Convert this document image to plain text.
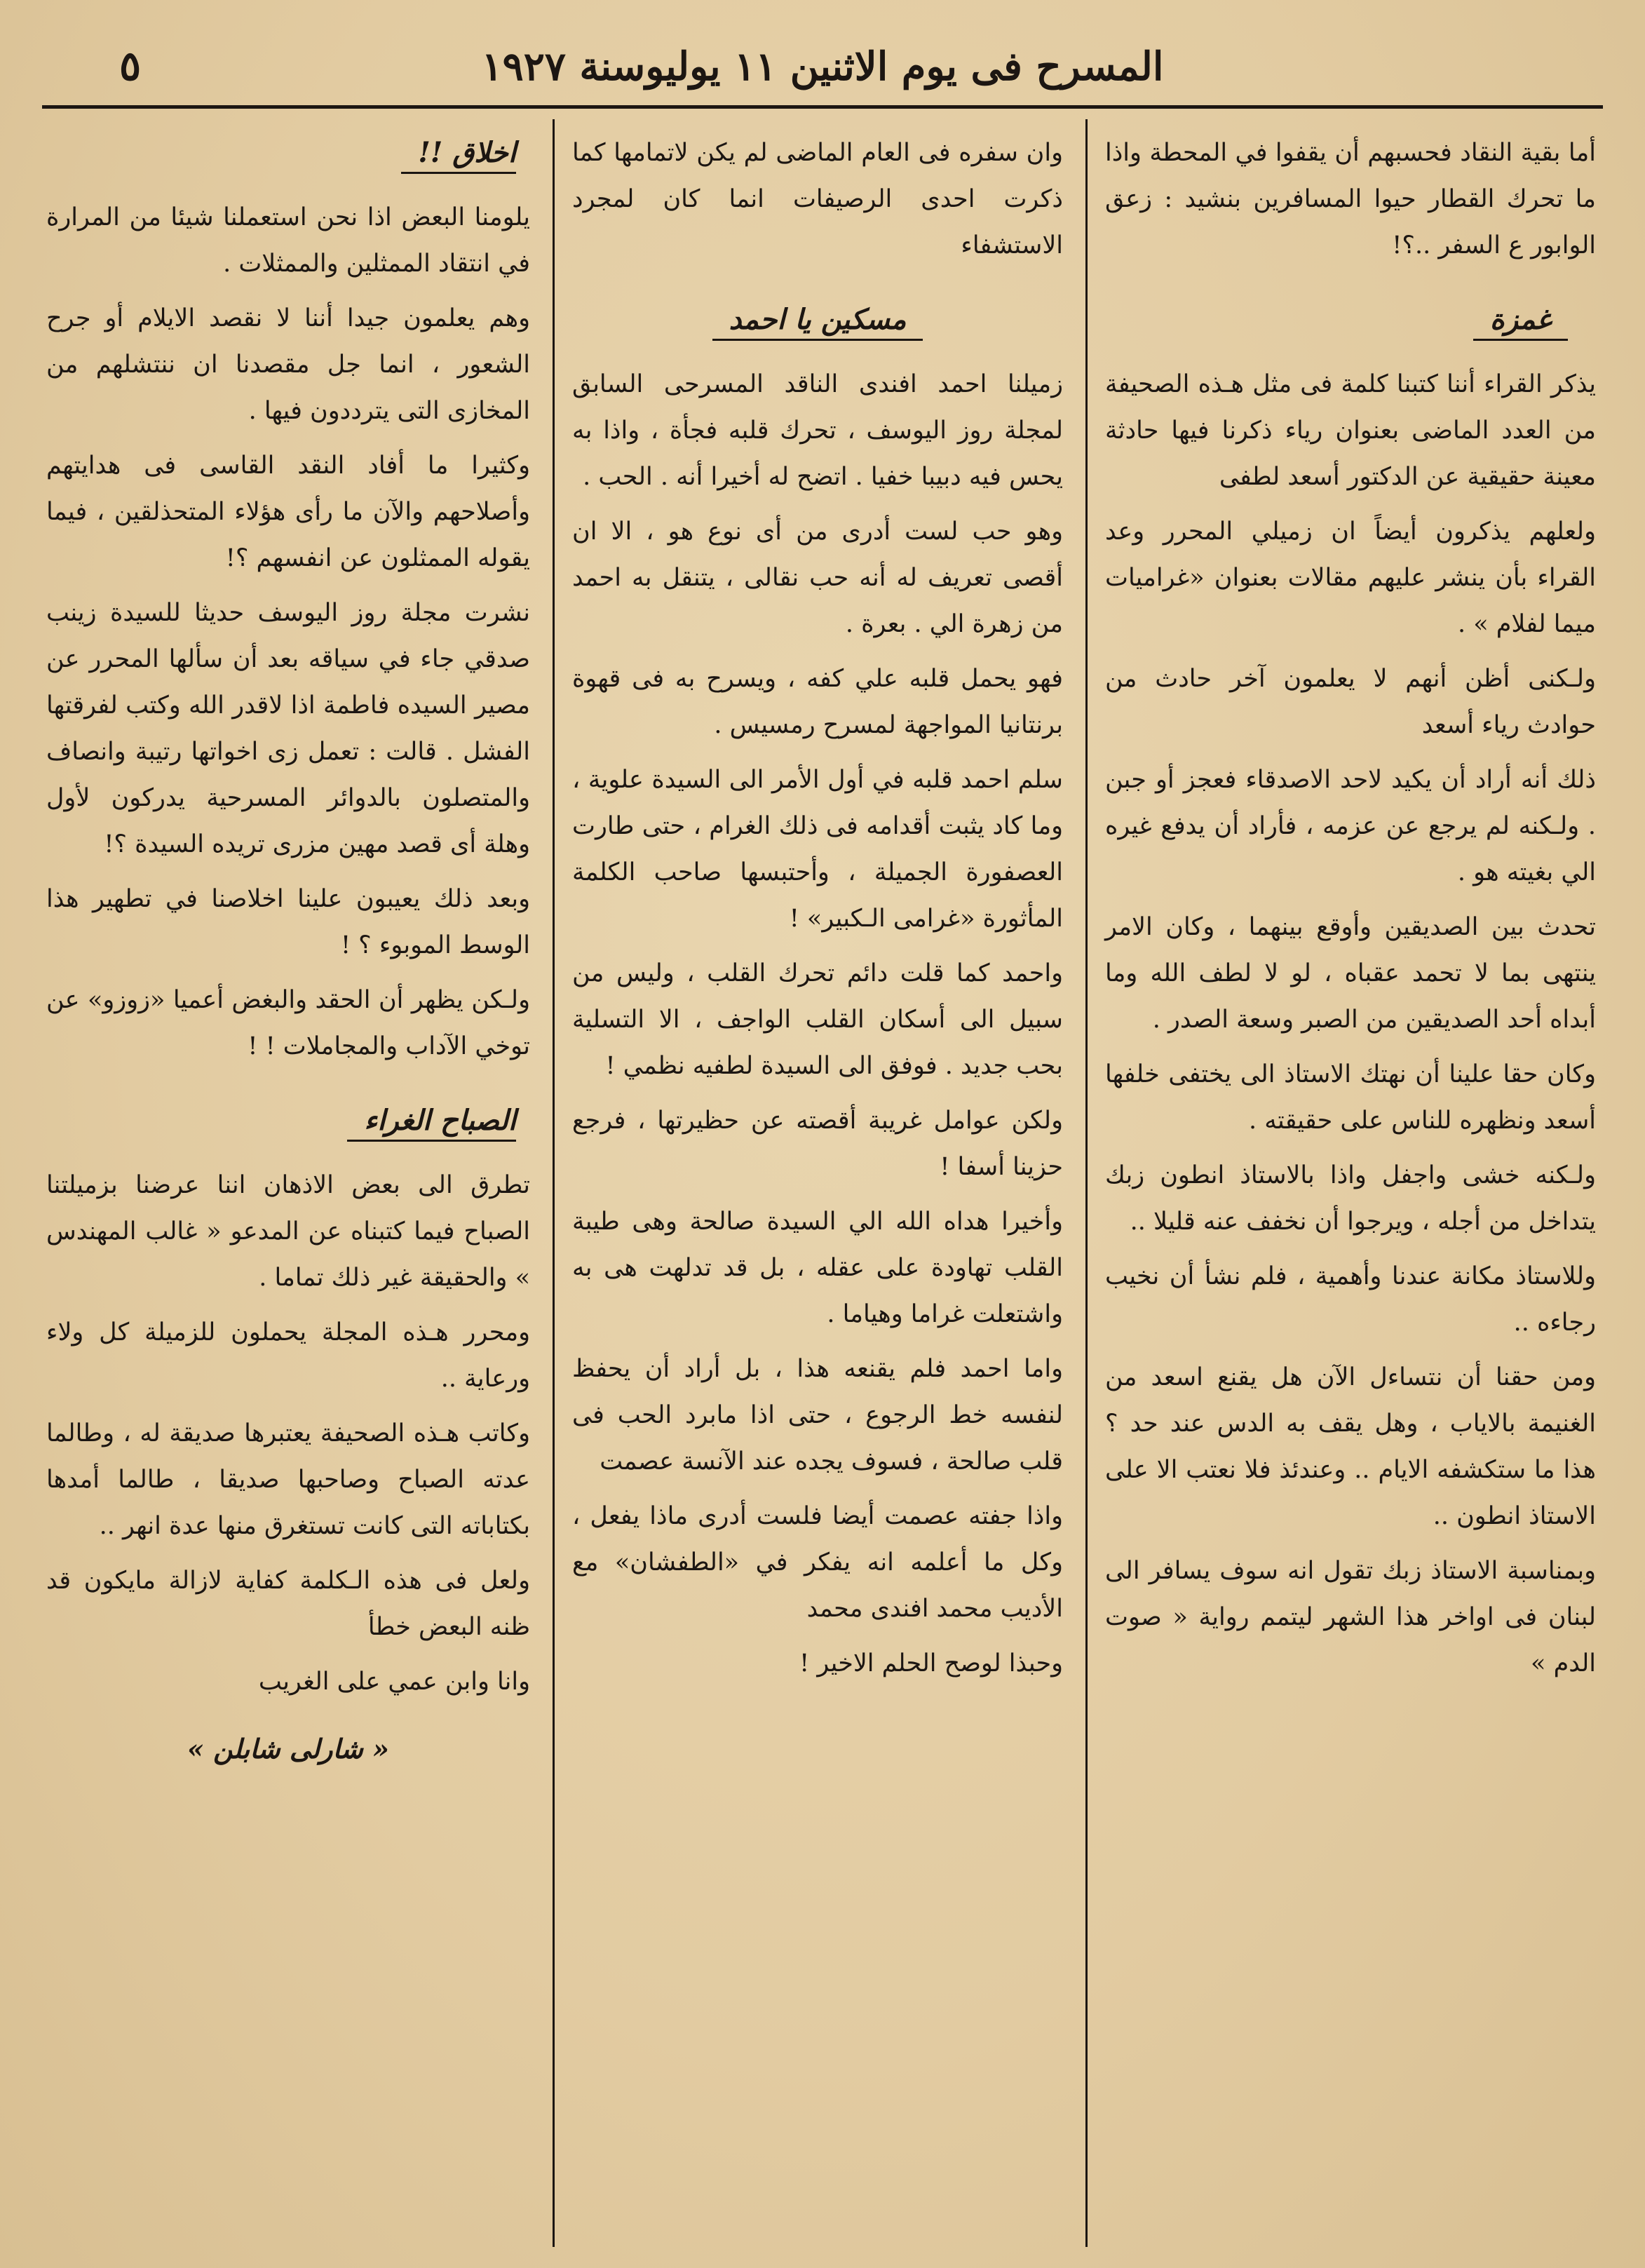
المسرح فى يوم الاثنين ١١ يوليوسنة ١٩٢٧
٥

أما بقية النقاد فحسبهم أن يقفوا في المحطة واذا ما تحرك القطار حيوا المسافرين بنشيد : زعق الوابور ع السفر ..؟!

غمزة

يذكر القراء أننا كتبنا كلمة فى مثل هـذه الصحيفة من العدد الماضى بعنوان رياء ذكرنا فيها حادثة معينة حقيقية عن الدكتور أسعد لطفى

ولعلهم يذكرون أيضاً ان زميلي المحرر وعد القراء بأن ينشر عليهم مقالات بعنوان «غراميات ميما لفلام » .

ولـكنى أظن أنهم لا يعلمون آخر حادث من حوادث رياء أسعد

ذلك أنه أراد أن يكيد لاحد الاصدقاء فعجز أو جبن . ولـكنه لم يرجع عن عزمه ، فأراد أن يدفع غيره الي بغيته هو .

تحدث بين الصديقين وأوقع بينهما ، وكان الامر ينتهى بما لا تحمد عقباه ، لو لا لطف الله وما أبداه أحد الصديقين من الصبر وسعة الصدر .

وكان حقا علينا أن نهتك الاستاذ الى يختفى خلفها أسعد ونظهره للناس على حقيقته .

ولـكنه خشى واجفل واذا بالاستاذ انطون زبك يتداخل من أجله ، ويرجوا أن نخفف عنه قليلا ..

وللاستاذ مكانة عندنا وأهمية ، فلم نشأ أن نخيب رجاءه ..

ومن حقنا أن نتساءل الآن هل يقنع اسعد من الغنيمة بالاياب ، وهل يقف به الدس عند حد ؟ هذا ما ستكشفه الايام .. وعندئذ فلا نعتب الا على الاستاذ انطون ..

وبمناسبة الاستاذ زبك تقول انه سوف يسافر الى لبنان فى اواخر هذا الشهر ليتمم رواية « صوت الدم »

وان سفره فى العام الماضى لم يكن لاتمامها كما ذكرت احدى الرصيفات انما كان لمجرد الاستشفاء

مسكين يا احمد

زميلنا احمد افندى الناقد المسرحى السابق لمجلة روز اليوسف ، تحرك قلبه فجأة ، واذا به يحس فيه دبيبا خفيا . اتضح له أخيرا أنه . الحب .

وهو حب لست أدرى من أى نوع هو ، الا ان أقصى تعريف له أنه حب نقالى ، يتنقل به احمد من زهرة الي . بعرة .

فهو يحمل قلبه علي كفه ، ويسرح به فى قهوة برنتانيا المواجهة لمسرح رمسيس .

سلم احمد قلبه في أول الأمر الى السيدة علوية ، وما كاد يثبت أقدامه فى ذلك الغرام ، حتى طارت العصفورة الجميلة ، وأحتبسها صاحب الكلمة المأثورة «غرامى الـكبير» !

واحمد كما قلت دائم تحرك القلب ، وليس من سبيل الى أسكان القلب الواجف ، الا التسلية بحب جديد . فوفق الى السيدة لطفيه نظمي !

ولكن عوامل غريبة أقصته عن حظيرتها ، فرجع حزينا أسفا !

وأخيرا هداه الله الي السيدة صالحة وهى طيبة القلب تهاودة على عقله ، بل قد تدلهت هى به واشتعلت غراما وهياما .

واما احمد فلم يقنعه هذا ، بل أراد أن يحفظ لنفسه خط الرجوع ، حتى اذا مابرد الحب فى قلب صالحة ، فسوف يجده عند الآنسة عصمت

واذا جفته عصمت أيضا فلست أدرى ماذا يفعل ، وكل ما أعلمه انه يفكر في «الطفشان» مع الأديب محمد افندى محمد

وحبذا لوصح الحلم الاخير !

اخلاق !!

يلومنا البعض اذا نحن استعملنا شيئا من المرارة في انتقاد الممثلين والممثلات .

وهم يعلمون جيدا أننا لا نقصد الايلام أو جرح الشعور ، انما جل مقصدنا ان ننتشلهم من المخازى التى يترددون فيها .

وكثيرا ما أفاد النقد القاسى فى هدايتهم وأصلاحهم والآن ما رأى هؤلاء المتحذلقين ، فيما يقوله الممثلون عن انفسهم ؟!

نشرت مجلة روز اليوسف حديثا للسيدة زينب صدقي جاء في سياقه بعد أن سألها المحرر عن مصير السيده فاطمة اذا لاقدر الله وكتب لفرقتها الفشل . قالت : تعمل زى اخواتها رتيبة وانصاف والمتصلون بالدوائر المسرحية يدركون لأول وهلة أى قصد مهين مزرى تريده السيدة ؟!

وبعد ذلك يعيبون علينا اخلاصنا في تطهير هذا الوسط الموبوء ؟ !

ولـكن يظهر أن الحقد والبغض أعميا «زوزو» عن توخي الآداب والمجاملات ! !

الصباح الغراء

تطرق الى بعض الاذهان اننا عرضنا بزميلتنا الصباح فيما كتبناه عن المدعو « غالب المهندس » والحقيقة غير ذلك تماما .

ومحرر هـذه المجلة يحملون للزميلة كل ولاء ورعاية ..

وكاتب هـذه الصحيفة يعتبرها صديقة له ، وطالما عدته الصباح وصاحبها صديقا ، طالما أمدها بكتاباته التى كانت تستغرق منها عدة انهر ..

ولعل فى هذه الـكلمة كفاية لازالة مايكون قد ظنه البعض خطأ

وانا وابن عمي على الغريب

« شارلى شابلن »
